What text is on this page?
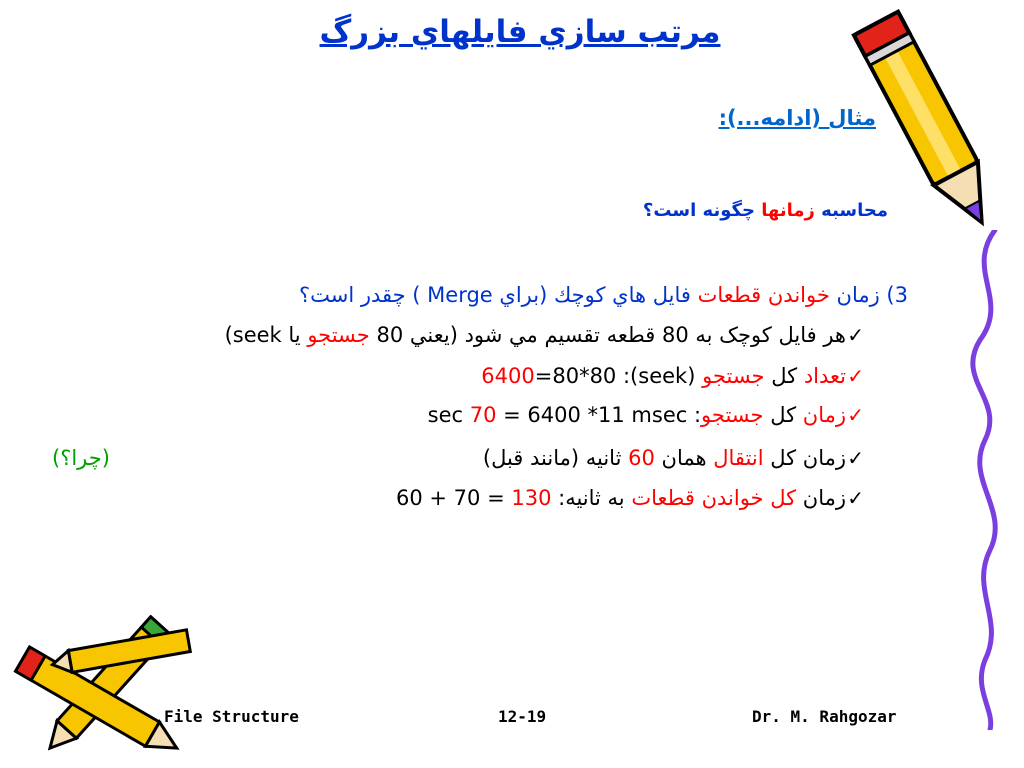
مرتب سازي فايلهاي بزرگ
مثال (ادامه...):
محاسبه زمانها چگونه است؟
3) زمان خواندن قطعات فايل هاي كوچك (براي Merge ) چقدر است؟
✓
هر فايل كوچک به 80 قطعه تقسيم مي شود (يعني 80 جستجو يا seek)
✓
تعداد كل جستجو (seek): 6400=80*80
✓
زمان كل جستجو: sec 70 = 6400 *11 msec
✓
زمان كل انتقال همان 60 ثانيه (مانند قبل)
(چرا؟)
✓
زمان كل خواندن قطعات به ثانيه: 130 = 70 + 60
File Structure	12-19	Dr. M. Rahgozar
